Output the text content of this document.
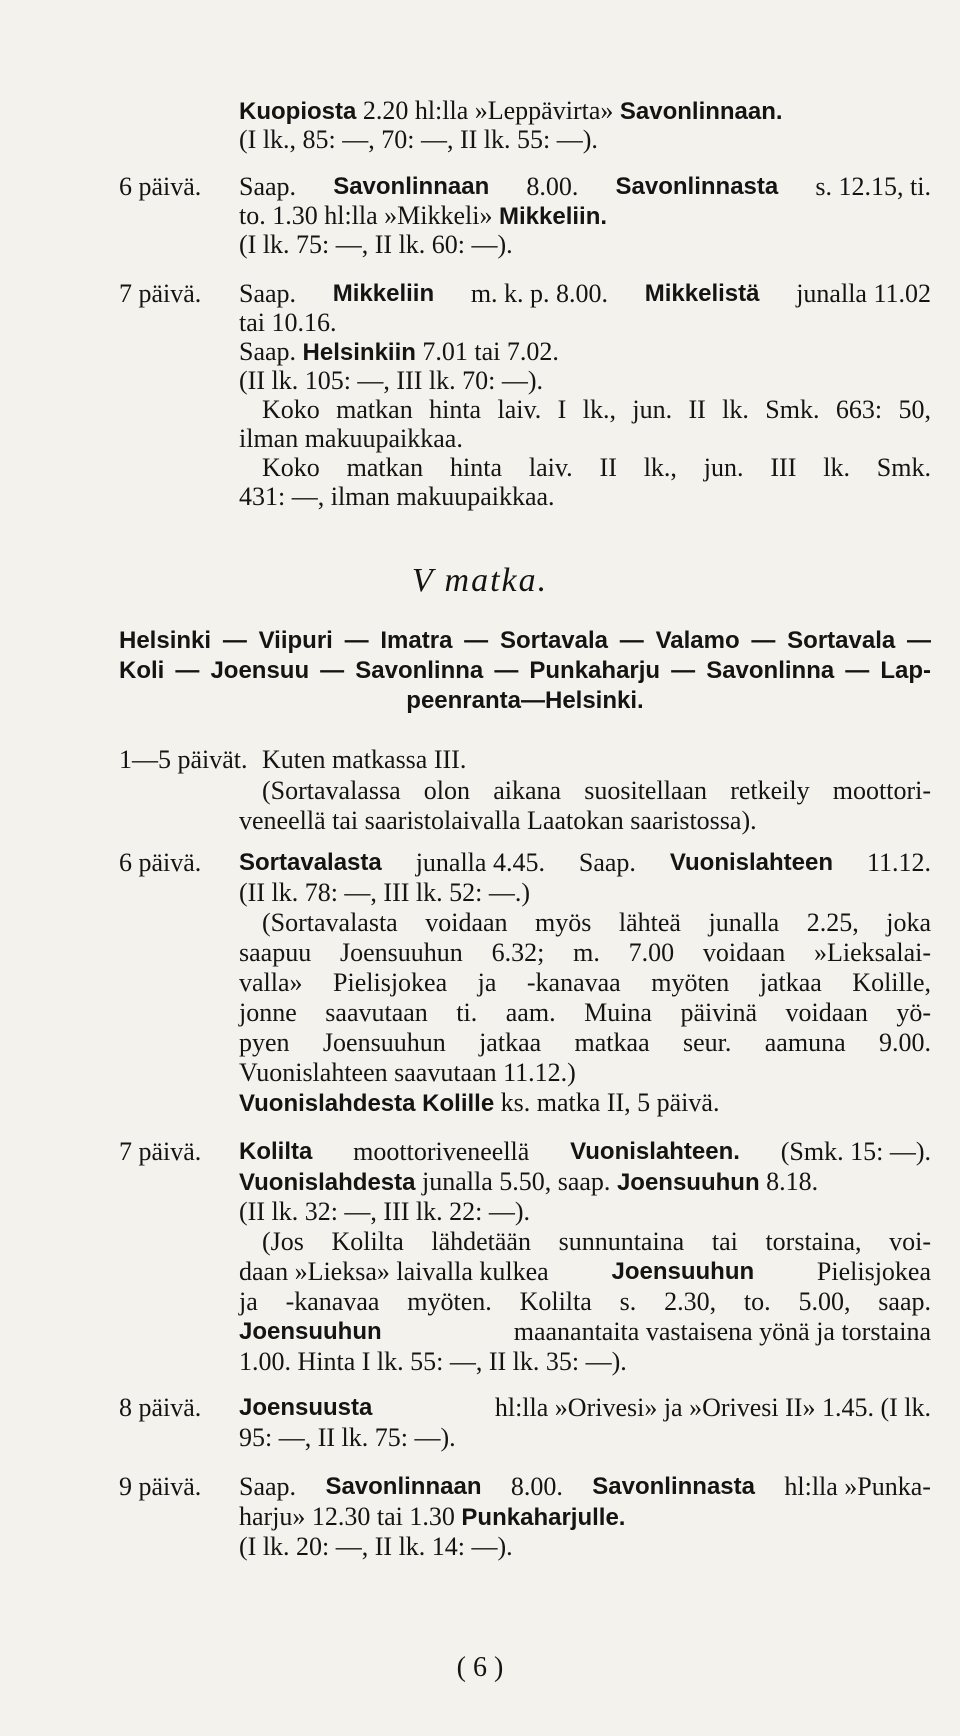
Kuopiosta 2.20 hl:lla »Leppävirta» Savonlinnaan.
(I lk., 85: —, 70: —, II lk. 55: —).
6 päivä. Saap. Savonlinnaan 8.00. Savonlinnasta s. 12.15, ti.
to. 1.30 hl:lla »Mikkeli» Mikkeliin.
(I lk. 75: —, II lk. 60: —).
7 päivä. Saap. Mikkeliin m. k. p. 8.00. Mikkelistä junalla 11.02
tai 10.16.
Saap. Helsinkiin 7.01 tai 7.02.
(II lk. 105: —, III lk. 70: —).
Koko matkan hinta laiv. I lk., jun. II lk. Smk. 663: 50,
ilman makuupaikkaa.
Koko matkan hinta laiv. II lk., jun. III lk. Smk.
431: —, ilman makuupaikkaa.
V matka.
Helsinki — Viipuri — Imatra — Sortavala — Valamo — Sortavala —
Koli — Joensuu — Savonlinna — Punkaharju — Savonlinna — Lap-
peenranta—Helsinki.
1—5 päivät. Kuten matkassa III.
(Sortavalassa olon aikana suositellaan retkeily moottori-
veneellä tai saaristolaivalla Laatokan saaristossa).
6 päivä. Sortavalasta junalla 4.45. Saap. Vuonislahteen 11.12.
(II lk. 78: —, III lk. 52: —.)
(Sortavalasta voidaan myös lähteä junalla 2.25, joka
saapuu Joensuuhun 6.32; m. 7.00 voidaan »Lieksalai-
valla» Pielisjokea ja -kanavaa myöten jatkaa Kolille,
jonne saavutaan ti. aam. Muina päivinä voidaan yö-
pyen Joensuuhun jatkaa matkaa seur. aamuna 9.00.
Vuonislahteen saavutaan 11.12.)
Vuonislahdesta Kolille ks. matka II, 5 päivä.
7 päivä. Kolilta moottoriveneellä Vuonislahteen. (Smk. 15: —).
Vuonislahdesta junalla 5.50, saap. Joensuuhun 8.18.
(II lk. 32: —, III lk. 22: —).
(Jos Kolilta lähdetään sunnuntaina tai torstaina, voi-
daan »Lieksa» laivalla kulkea	Joensuuhun Pielisjokea
ja -kanavaa myöten. Kolilta s. 2.30, to. 5.00, saap.
Joensuuhun	maanantaita vastaisena yönä ja torstaina
1.00. Hinta I lk. 55: —, II lk. 35: —).
8 päivä. Joensuusta	hl:lla »Orivesi» ja »Orivesi II» 1.45. (I lk.
95: —, II lk. 75: —).
9 päivä. Saap. Savonlinnaan 8.00. Savonlinnasta hl:lla »Punka-
harju» 12.30 tai 1.30 Punkaharjulle.
(I lk. 20: —, II lk. 14: —).
( 6 )
